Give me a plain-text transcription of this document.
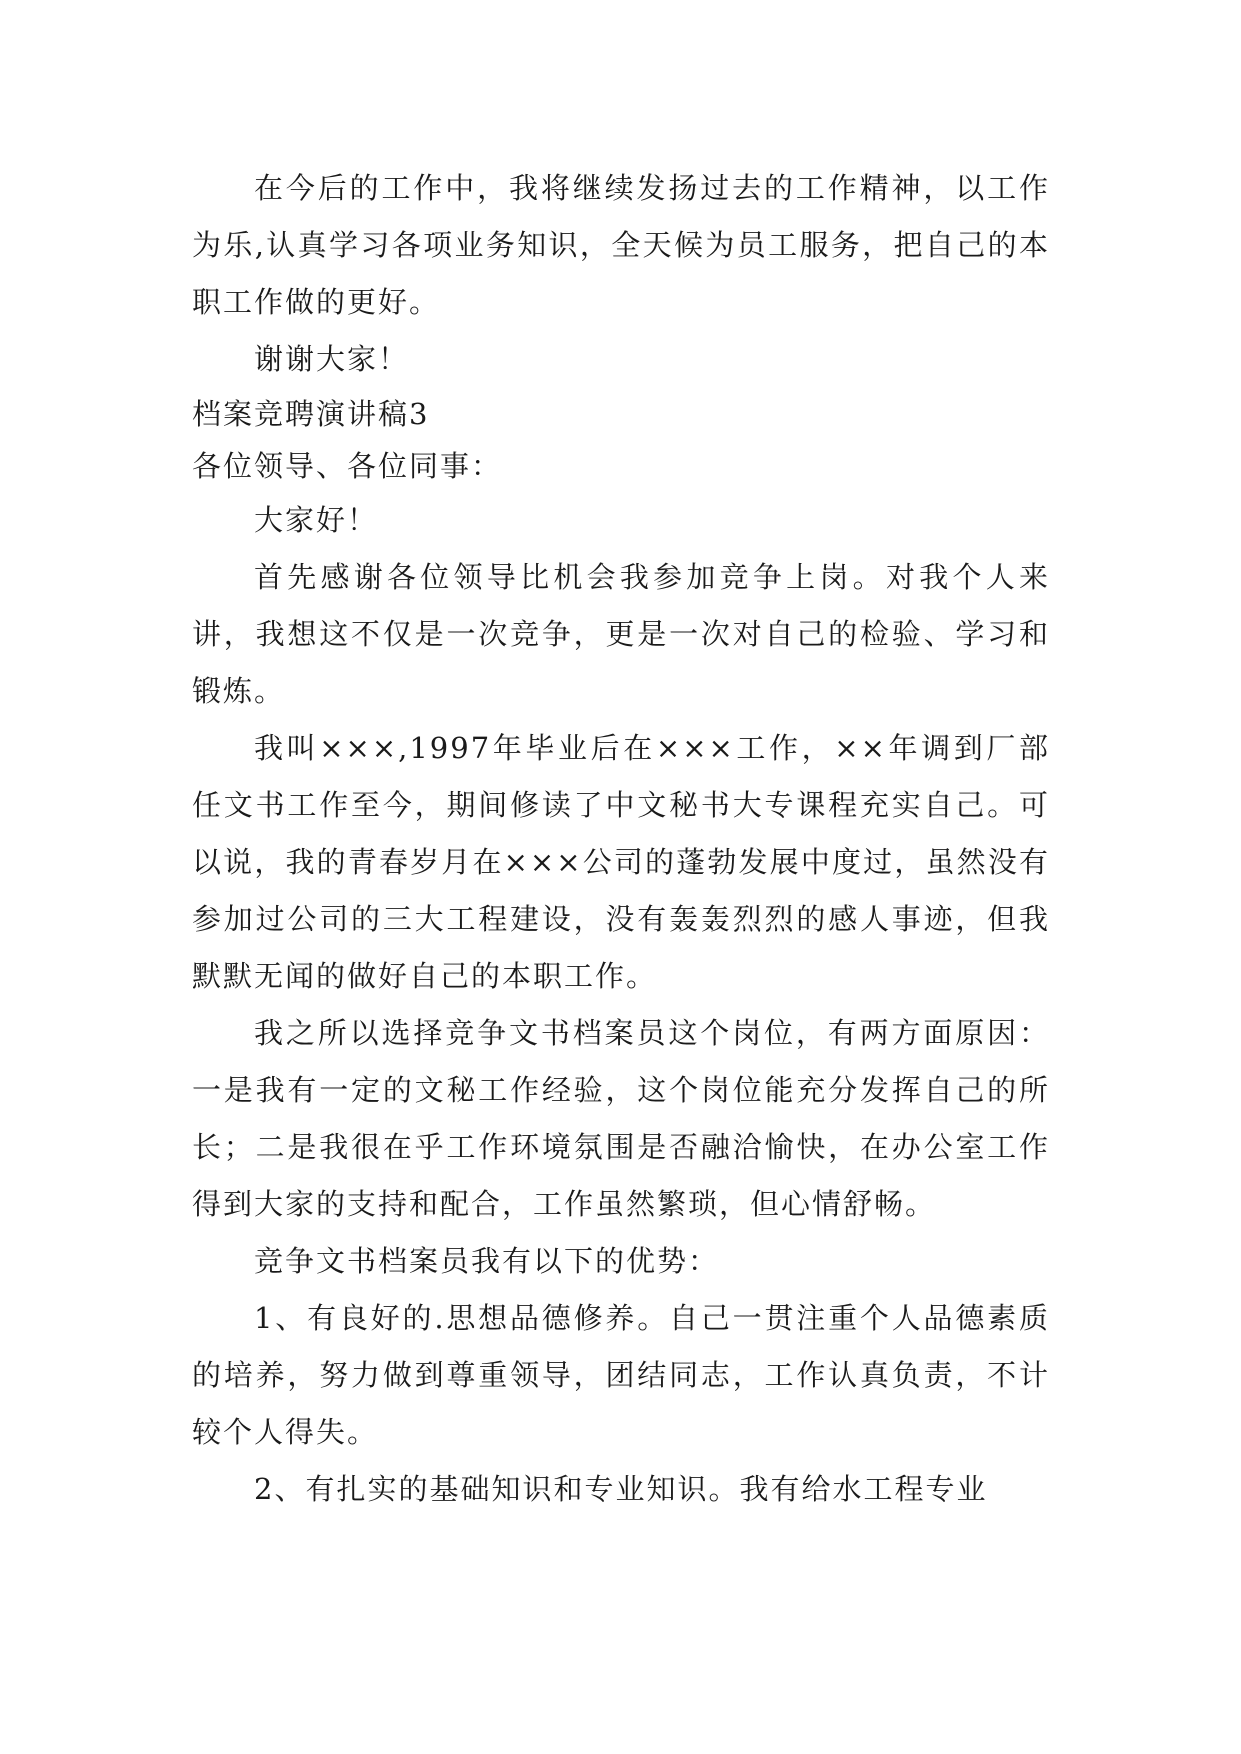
在今后的工作中，我将继续发扬过去的工作精神，以工作为乐,认真学习各项业务知识，全天候为员工服务，把自己的本职工作做的更好。

谢谢大家！

档案竞聘演讲稿3

各位领导、各位同事：

大家好！

首先感谢各位领导比机会我参加竞争上岗。对我个人来讲，我想这不仅是一次竞争，更是一次对自己的检验、学习和锻炼。

我叫×××,1997年毕业后在×××工作，××年调到厂部任文书工作至今，期间修读了中文秘书大专课程充实自己。可以说，我的青春岁月在×××公司的蓬勃发展中度过，虽然没有参加过公司的三大工程建设，没有轰轰烈烈的感人事迹，但我默默无闻的做好自己的本职工作。

我之所以选择竞争文书档案员这个岗位，有两方面原因：一是我有一定的文秘工作经验，这个岗位能充分发挥自己的所长；二是我很在乎工作环境氛围是否融洽愉快，在办公室工作得到大家的支持和配合，工作虽然繁琐，但心情舒畅。

竞争文书档案员我有以下的优势：

1、有良好的.思想品德修养。自己一贯注重个人品德素质的培养，努力做到尊重领导，团结同志，工作认真负责，不计较个人得失。

2、有扎实的基础知识和专业知识。我有给水工程专业
